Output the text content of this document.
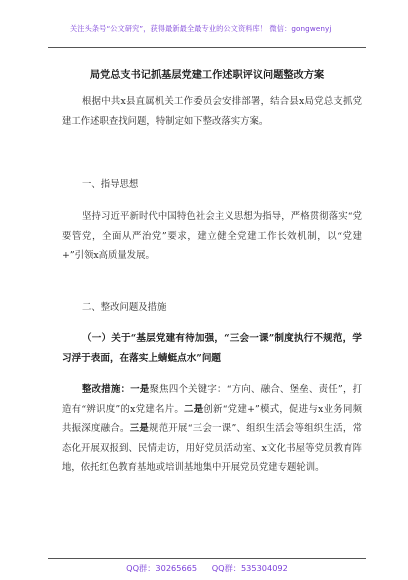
关注头条号“公文研究”，获得最新最全最专业的公文资料库！ 微信：gongwenyj
局党总支书记抓基层党建工作述职评议问题整改方案
根据中共x县直属机关工作委员会安排部署，结合县x局党总支抓党建工作述职查找问题，特制定如下整改落实方案。
一、指导思想
坚持习近平新时代中国特色社会主义思想为指导，严格贯彻落实“党要管党，全面从严治党”要求，建立健全党建工作长效机制，以“党建+”引领x高质量发展。
二、整改问题及措施
（一）关于“基层党建有待加强，“三会一课”制度执行不规范，学习浮于表面，在落实上蜻蜓点水”问题
整改措施：一是聚焦四个关键字：“方向、融合、堡垒、责任”，打造有“辨识度”的x党建名片。二是创新“党建+”模式，促进与x业务同频共振深度融合。三是规范开展“三会一课”、组织生活会等组织生活，常态化开展双报到、民情走访，用好党员活动室、x文化书屋等党员教育阵地，依托红色教育基地或培训基地集中开展党员党建专题轮训。
QQ群：30265665 QQ群：535304092
